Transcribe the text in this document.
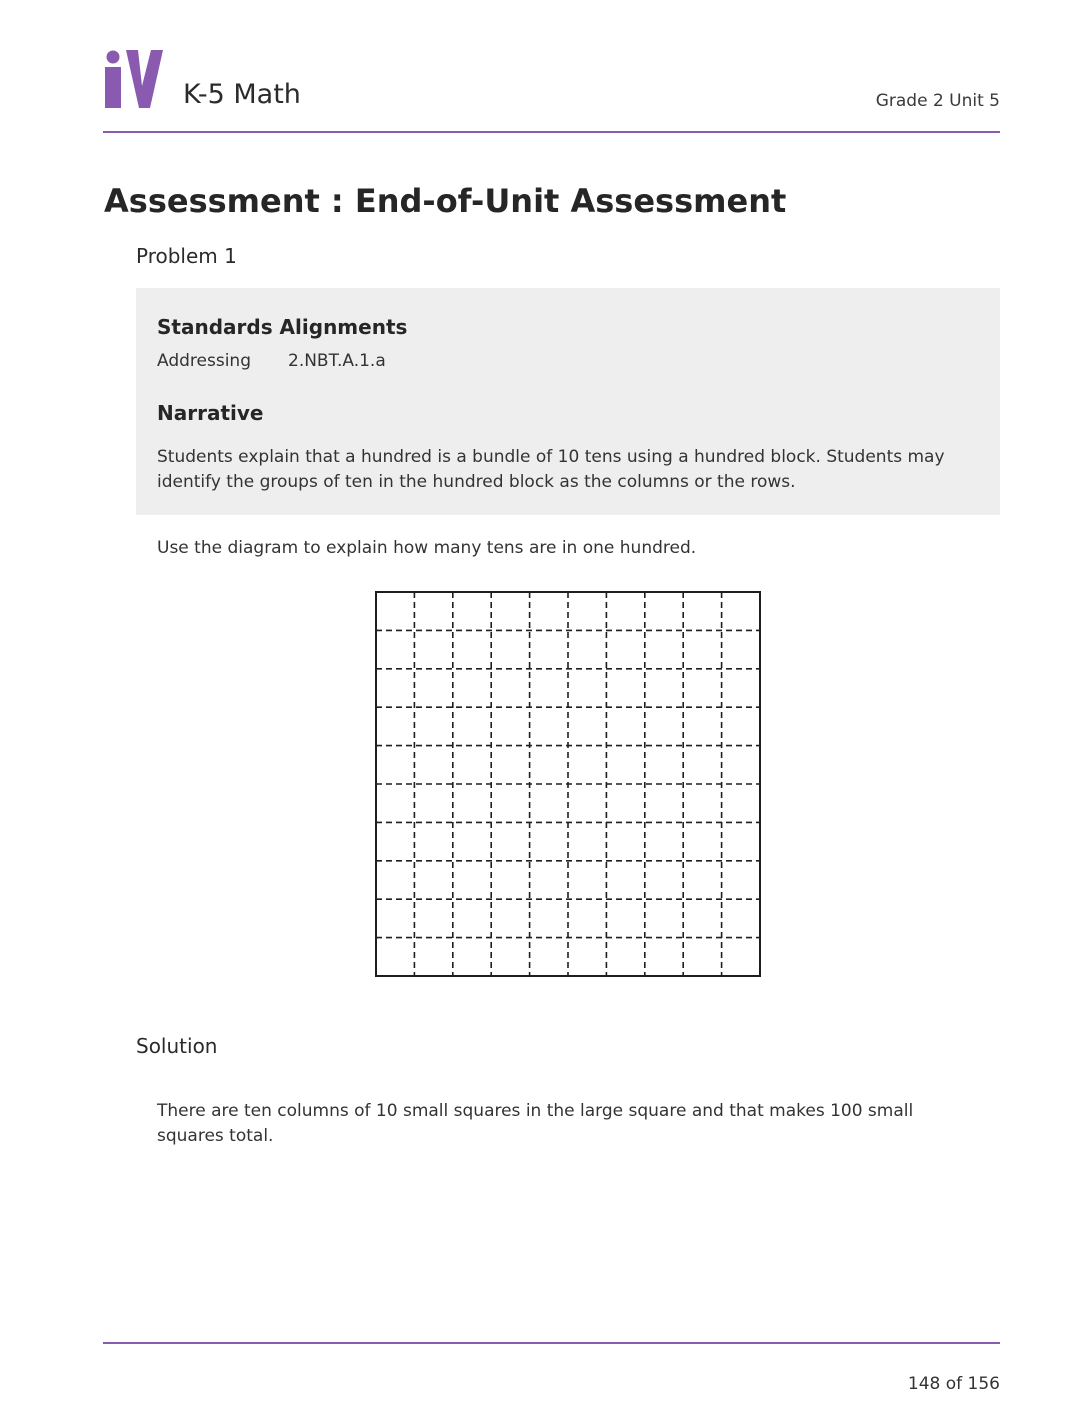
K-5 Math	Grade 2 Unit 5
Assessment : End-of-Unit Assessment
Problem 1
Standards Alignments
Addressing 2.NBT.A.1.a
Narrative
Students explain that a hundred is a bundle of 10 tens using a hundred block. Students may identify the groups of ten in the hundred block as the columns or the rows.
Use the diagram to explain how many tens are in one hundred.
Solution
There are ten columns of 10 small squares in the large square and that makes 100 small squares total.
148 of 156
